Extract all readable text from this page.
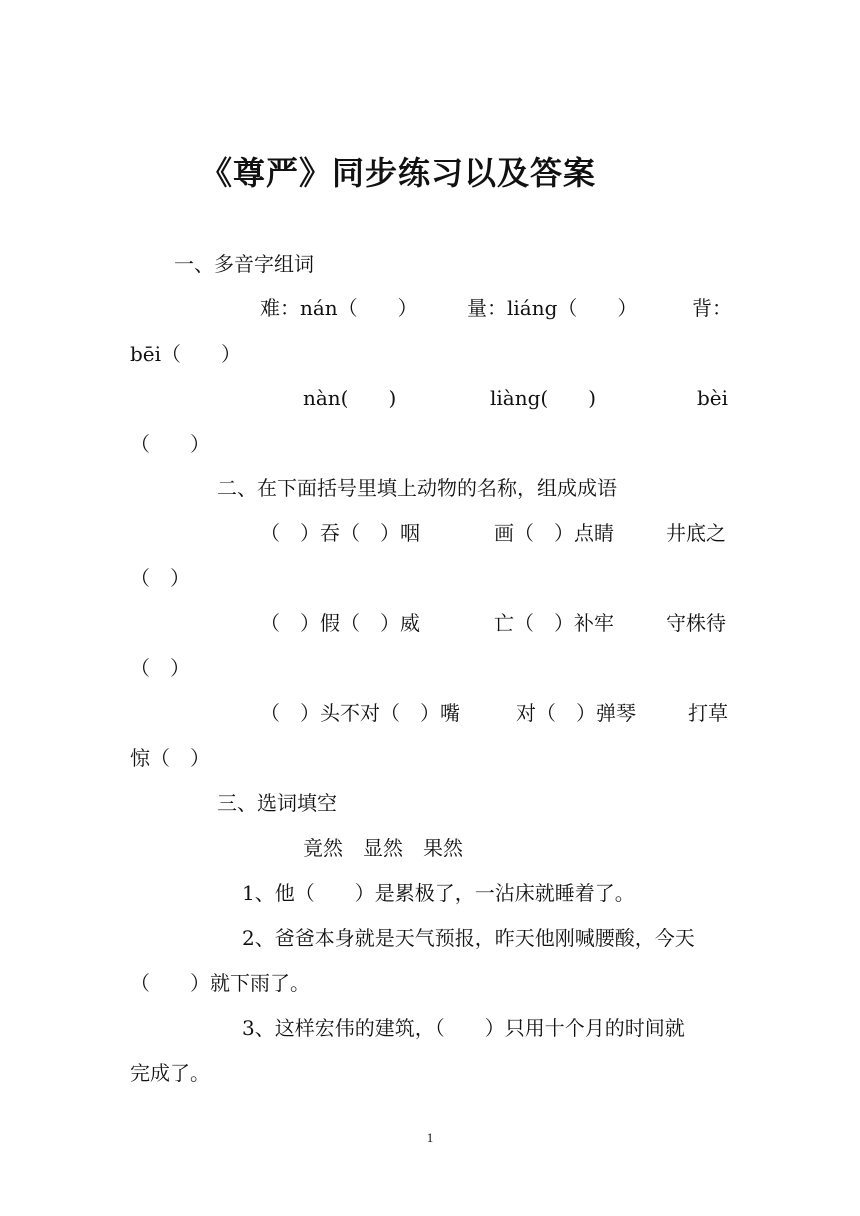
《尊严》同步练习以及答案
一、多音字组词
难：nán（　　） 量：liáng（　　）	背：
bēi（　　）
nàn(　　)	liàng(　　)	bèi
（　　）
二、在下面括号里填上动物的名称，组成成语
（　）吞（　）咽	画（　）点睛	井底之
（　）
（　）假（　）威	亡（　）补牢	守株待
（　）
（　）头不对（　）嘴	对（　）弹琴	打草
惊（　）
三、选词填空
竟然　显然　果然
1、他（　　）是累极了，一沾床就睡着了。
2、爸爸本身就是天气预报，昨天他刚喊腰酸，今天
（　　）就下雨了。
3、这样宏伟的建筑，（　　）只用十个月的时间就
完成了。
1
